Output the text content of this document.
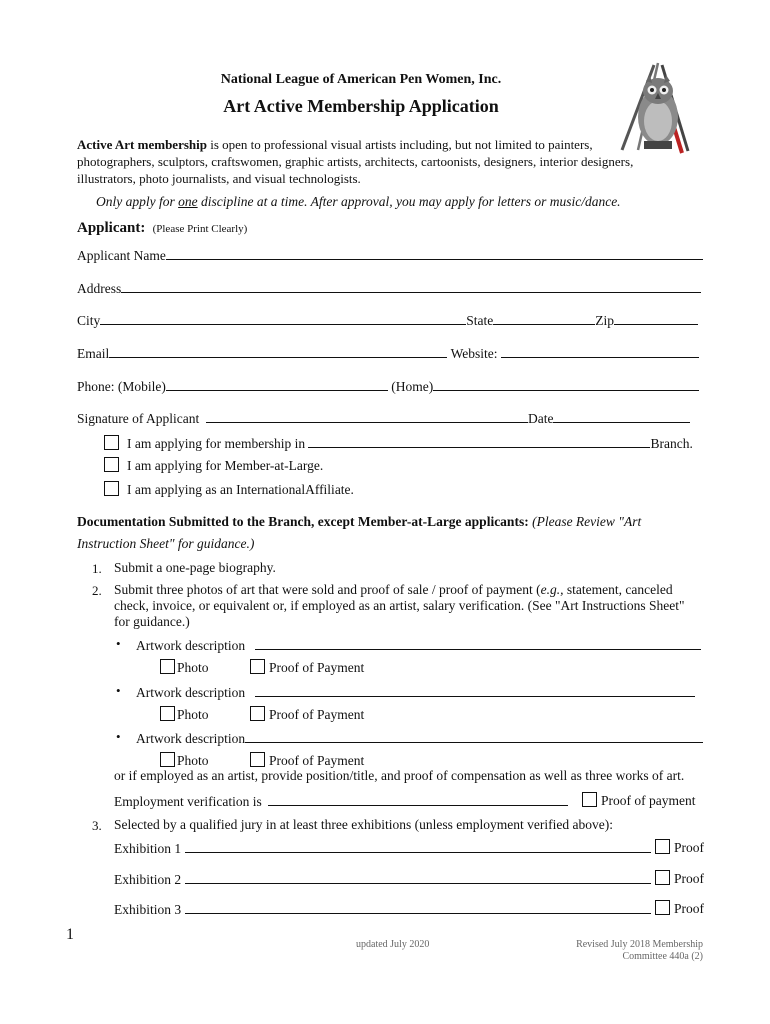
National League of American Pen Women, Inc.
Art Active Membership Application
Active Art membership is open to professional visual artists including, but not limited to painters, photographers, sculptors, craftswomen, graphic artists, architects, cartoonists, designers, interior designers, illustrators, photo journalists, and visual technologists.
Only apply for one discipline at a time. After approval, you may apply for letters or music/dance.
Applicant: (Please Print Clearly)
Applicant Name
Address
City	State	Zip
Email	Website:
Phone: (Mobile)	(Home)
Signature of Applicant	Date
I am applying for membership in	Branch.
I am applying for Member-at-Large.
I am applying as an InternationalAffiliate.
Documentation Submitted to the Branch, except Member-at-Large applicants: (Please Review "Art
Instruction Sheet" for guidance.)
1. Submit a one-page biography.
2. Submit three photos of art that were sold and proof of sale / proof of payment (e.g., statement, canceled
check, invoice, or equivalent or, if employed as an artist, salary verification. (See "Art Instructions Sheet"
for guidance.)
• Artwork description
Photo	Proof of Payment
• Artwork description
Photo	Proof of Payment
• Artwork description
Photo	Proof of Payment
or if employed as an artist, provide position/title, and proof of compensation as well as three works of art.
Employment verification is	Proof of payment
3. Selected by a qualified jury in at least three exhibitions (unless employment verified above):
Exhibition 1	Proof
Exhibition 2	Proof
Exhibition 3	Proof
1
updated July 2020	Revised July 2018 Membership
Committee 440a (2)
